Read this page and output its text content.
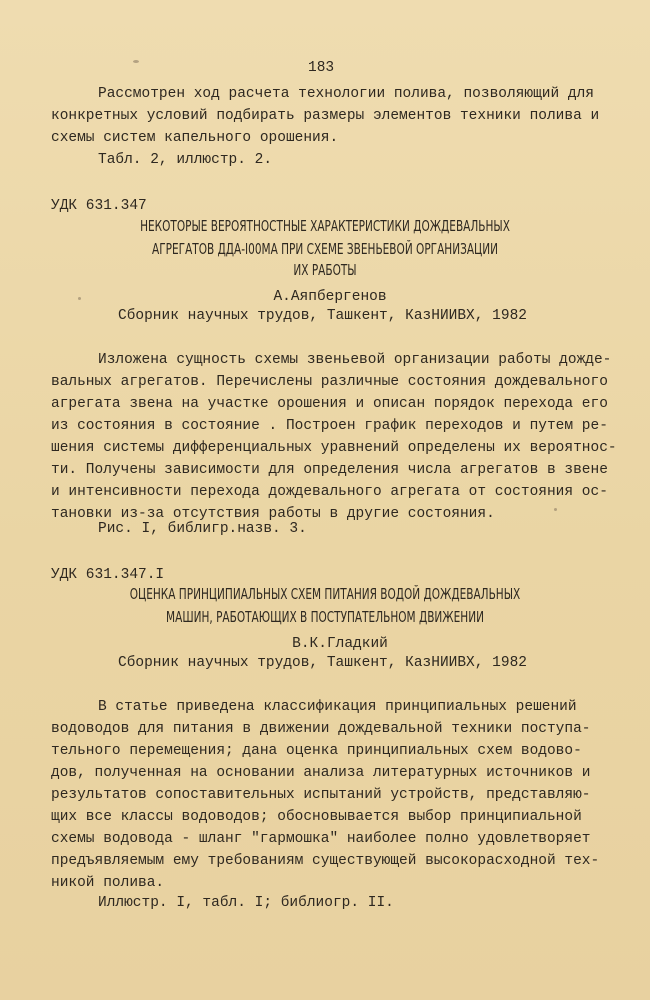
183
Рассмотрен ход расчета технологии полива, позволяющий для
конкретных условий подбирать размеры элементов техники полива и
схемы систем капельного орошения.
Табл. 2, иллюстр. 2.
УДК 631.347
НЕКОТОРЫЕ ВЕРОЯТНОСТНЫЕ ХАРАКТЕРИСТИКИ ДОЖДЕВАЛЬНЫХ
АГРЕГАТОВ ДДА-I00МА ПРИ СХЕМЕ ЗВЕНЬЕВОЙ ОРГАНИЗАЦИИ
ИХ РАБОТЫ
А.Аяпбергенов
Сборник научных трудов, Ташкент, КазНИИВХ, 1982
Изложена сущность схемы звеньевой организации работы дожде-
вальных агрегатов. Перечислены различные состояния дождевального
агрегата звена на участке орошения и описан порядок перехода его
из состояния в состояние . Построен график переходов и путем ре-
шения системы дифференциальных уравнений определены их вероятнос-
ти. Получены зависимости для определения числа агрегатов в звене
и интенсивности перехода дождевального агрегата от состояния ос-
тановки из-за отсутствия работы в другие состояния.
Рис. I, библигр.назв. 3.
УДК 631.347.I
ОЦЕНКА ПРИНЦИПИАЛЬНЫХ СХЕМ ПИТАНИЯ ВОДОЙ ДОЖДЕВАЛЬНЫХ
МАШИН, РАБОТАЮЩИХ В ПОСТУПАТЕЛЬНОМ ДВИЖЕНИИ
В.К.Гладкий
Сборник научных трудов, Ташкент, КазНИИВХ, 1982
В статье приведена классификация принципиальных решений
водоводов для питания в движении дождевальной техники поступа-
тельного перемещения; дана оценка принципиальных схем водово-
дов, полученная на основании анализа литературных источников и
результатов сопоставительных испытаний устройств, представляю-
щих все классы водоводов; обосновывается выбор принципиальной
схемы водовода - шланг "гармошка" наиболее полно удовлетворяет
предъявляемым ему требованиям существующей высокорасходной тех-
никой полива.
Иллюстр. I, табл. I; библиогр. II.
